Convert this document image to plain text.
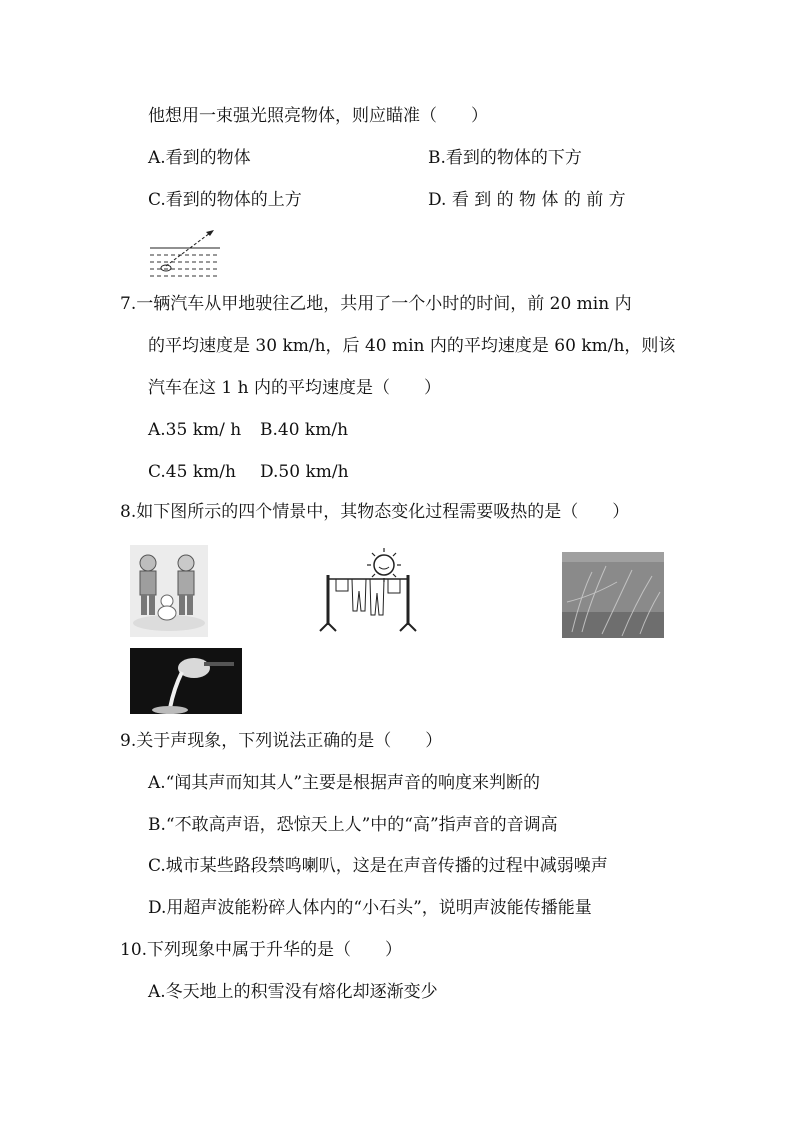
他想用一束强光照亮物体，则应瞄准（　　）
A.看到的物体	B.看到的物体的下方
C.看到的物体的上方	D. 看 到 的 物 体 的 前 方
7.一辆汽车从甲地驶往乙地，共用了一个小时的时间，前 20 min 内
的平均速度是 30 km/h，后 40 min 内的平均速度是 60 km/h，则该
汽车在这 1 h 内的平均速度是（　　）
A.35 km/ h B.40 km/h
C.45 km/h D.50 km/h
8.如下图所示的四个情景中，其物态变化过程需要吸热的是（　　）
9.关于声现象，下列说法正确的是（　　）
A.“闻其声而知其人”主要是根据声音的响度来判断的
B.“不敢高声语，恐惊天上人”中的“高”指声音的音调高
C.城市某些路段禁鸣喇叭，这是在声音传播的过程中减弱噪声
D.用超声波能粉碎人体内的“小石头”，说明声波能传播能量
10.下列现象中属于升华的是（　　）
A.冬天地上的积雪没有熔化却逐渐变少
